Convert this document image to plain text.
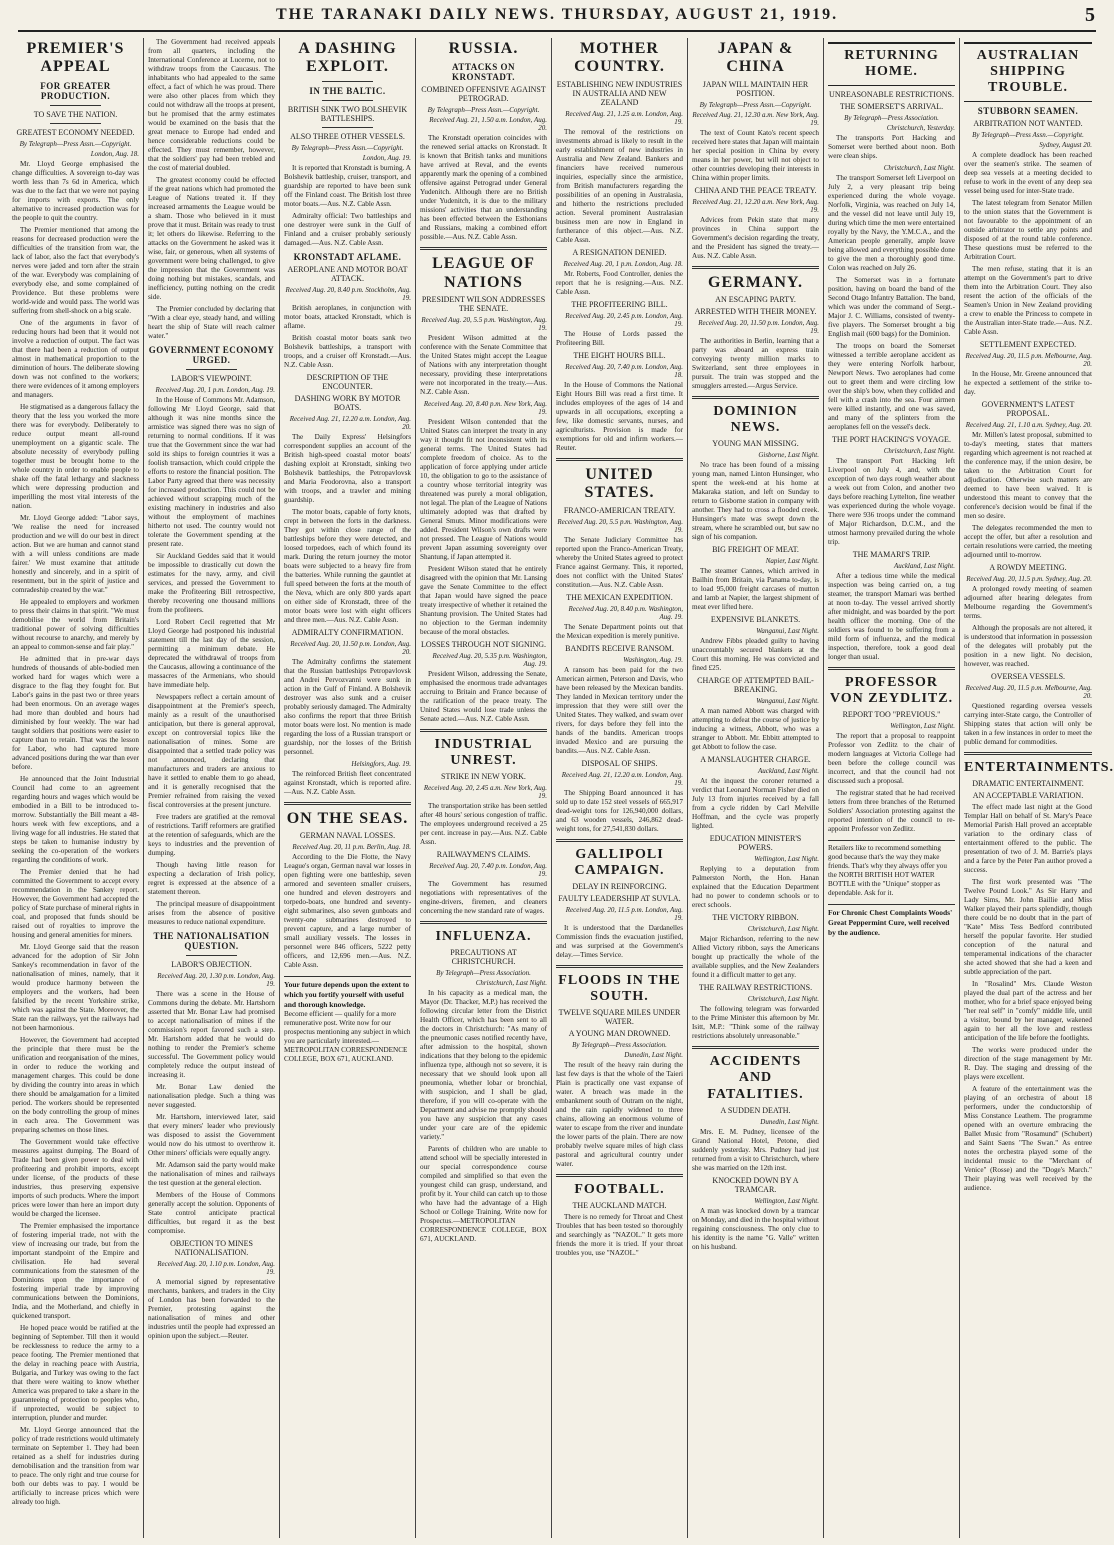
THE TARANAKI DAILY NEWS. THURSDAY, AUGUST 21, 1919.	5
PREMIER'S APPEAL
FOR GREATER PRODUCTION.
TO SAVE THE NATION.
GREATEST ECONOMY NEEDED.
By Telegraph—Press Assn.—Copyright.
London, Aug. 18.

Mr. Lloyd George emphasised the change difficulties. A sovereign to-day was worth less than 7s 6d in America, which was due to the fact that we were not paying for imports with exports. The only alternative to increased production was for the people to quit the country.

The Premier mentioned that among the reasons for decreased production were the difficulties of the transition from war, the lack of labor, also the fact that everybody's nerves were jaded and torn after the strain of the war. Everybody was complaining of everybody else, and some complained of Providence. But these problems were world-wide and would pass. The world was suffering from shell-shock on a big scale.

One of the arguments in favor of reducing hours had been that it would not involve a reduction of output. The fact was that there had been a reduction of output almost in mathematical proportion to the diminution of hours. The deliberate slowing down was not confined to the workers; there were evidences of it among employers and managers.

He stigmatised as a dangerous fallacy the theory that the less you worked the more there was for everybody. Deliberately to reduce output meant all-round unemployment on a gigantic scale. The absolute necessity of everybody pulling together must be brought home to the whole country in order to enable people to shake off the fatal lethargy and slackness which were depressing production and imperilling the most vital interests of the nation.

Mr. Lloyd George added: "Labor says, 'We realise the need for increased production and we will do our best in direct action. But we are human and cannot stand with a will unless conditions are made fairer.' We must examine that attitude honestly and sincerely, and in a spirit of resentment, but in the spirit of justice and comradeship created by the war."

He appealed to employers and workmen to press their claims in that spirit. "We must demobilise the world from Britain's traditional power of solving difficulties without recourse to anarchy, and merely by an appeal to common-sense and fair play."

He admitted that in pre-war days hundreds of thousands of able-bodied men worked hard for wages which were a disgrace to the flag they fought for. But Labor's gains in the past two or three years had been enormous. On an average wages had more than doubled and hours had diminished by four weekly. The war had taught soldiers that positions were easier to capture than to retain. That was the lesson for Labor, who had captured more advanced positions during the war than ever before.

He announced that the Joint Industrial Council had come to an agreement regarding hours and wages which would be embodied in a Bill to be introduced to-morrow. Substantially the Bill meant a 48-hours week with few exceptions, and a living wage for all industries. He stated that steps be taken to humanise industry by seeking the co-operation of the workers regarding the conditions of work.

The Premier denied that he had committed the Government to accept every recommendation in the Sankey report. However, the Government had accepted the policy of State purchase of mineral rights in coal, and proposed that funds should be raised out of royalties to improve the housing and general amenities for miners.

Mr. Lloyd George said that the reason advanced for the adoption of Sir John Sankey's recommendation in favor of the nationalisation of mines, namely, that it would produce harmony between the employers and the workers, had been falsified by the recent Yorkshire strike, which was against the State. Moreover, the State ran the railways, yet the railways had not been harmonious.

However, the Government had accepted the principle that there must be the unification and reorganisation of the mines, in order to reduce the working and management charges. This could be done by dividing the country into areas in which there should be amalgamation for a limited period. The workers should be represented on the body controlling the group of mines in each area. The Government was preparing schemes on those lines.

The Government would take effective measures against dumping. The Board of Trade had been given power to deal with profiteering and prohibit imports, except under license, of the products of these industries, thus preserving expensive imports of such products. Where the import prices were lower than here an import duty would be charged the licensee.

The Premier emphasised the importance of fostering imperial trade, not with the view of increasing our trade, but from the important standpoint of the Empire and civilisation. He had several communications from the statesmen of the Dominions upon the importance of fostering imperial trade by improving communications between the Dominions, India, and the Motherland, and chiefly in quickened transport.

He hoped peace would be ratified at the beginning of September. Till then it would be recklessness to reduce the army to a peace footing. The Premier mentioned that the delay in reaching peace with Austria, Bulgaria, and Turkey was owing to the fact that there were waiting to know whether America was prepared to take a share in the guaranteeing of protection to peoples who, if unprotected, would be subject to interruption, plunder and murder.

Mr. Lloyd George announced that the policy of trade restrictions would ultimately terminate on September 1. They had been retained as a shelf for industries during demobilisation and the transition from war to peace. The only right and true course for both our debts was to pay. I would be artificially to increase prices which were already too high.

The Government had received appeals from all quarters, including the International Conference at Lucerne, not to withdraw troops from the Caucasus. The inhabitants who had appealed to the same effect, a fact of which he was proud. There were also other places from which they could not withdraw all the troops at present, but he promised that the army estimates would be examined on the basis that the great menace to Europe had ended and hence considerable reductions could be effected. They must remember, however, that the soldiers' pay had been trebled and the cost of material doubled.

The greatest economy could be effected if the great nations which had promoted the League of Nations treated it. If they increased armaments the League would be a sham. Those who believed in it must prove that it must. Britain was ready to trust it; let others do likewise. Referring to the attacks on the Government he asked was it wise, fair, or generous, when all systems of government were being challenged, to give the impression that the Government was doing nothing but mistakes, scandals, and inefficiency, putting nothing on the credit side.

The Premier concluded by declaring that "With a clear eye, steady hand, and willing heart the ship of State will reach calmer water."

GOVERNMENT ECONOMY URGED.
LABOR'S VIEWPOINT.
Received Aug. 20, 1 p.m. London, Aug. 19.

In the House of Commons Mr. Adamson, following Mr Lloyd George, said that although it was nine months since the armistice was signed there was no sign of returning to normal conditions. If it was true that the Government since the war had sold its ships to foreign countries it was a foolish transaction, which could cripple the efforts to restore the financial position. The Labor Party agreed that there was necessity for increased production. This could not be achieved without scrapping much of the existing machinery in industries and also without the employment of machines hitherto not used. The country would not tolerate the Government spending at the present rate.

Sir Auckland Geddes said that it would be impossible to drastically cut down the estimates for the navy, army, and civil services, and pressed the Government to make the Profiteering Bill retrospective, thereby recovering one thousand millions from the profiteers.

Lord Robert Cecil regretted that Mr Lloyd George had postponed his industrial statement till the last day of the session, permitting a minimum debate. He deprecated the withdrawal of troops from the Caucasus, allowing a continuance of the massacres of the Armenians, who should have immediate help.

Newspapers reflect a certain amount of disappointment at the Premier's speech, mainly as a result of the unauthorised anticipation, but there is general approval, except on controversial topics like the nationalisation of mines. Some are disappointed that a settled trade policy was not announced, declaring that manufacturers and traders are anxious to have it settled to enable them to go ahead, and it is generally recognised that the Premier refrained from raising the vexed fiscal controversies at the present juncture.

Free traders are gratified at the removal of restrictions. Tariff reformers are gratified at the retention of safeguards, which are the keys to industries and the prevention of dumping.

Though having little reason for expecting a declaration of Irish policy, regret is expressed at the absence of a statement thereon.

The principal measure of disappointment arises from the absence of positive measures to reduce national expenditure.

THE NATIONALISATION QUESTION.
LABOR'S OBJECTION.
Received Aug. 20, 1.30 p.m. London, Aug. 19.

There was a scene in the House of Commons during the debate. Mr. Hartshorn asserted that Mr. Bonar Law had promised to accept nationalisation of mines if the commission's report favored such a step. Mr. Hartshorn added that he would do nothing to render the Premier's scheme successful. The Government policy would completely reduce the output instead of increasing it.

Mr. Bonar Law denied the nationalisation pledge. Such a thing was never suggested.

Mr. Hartshorn, interviewed later, said that every miners' leader who previously was disposed to assist the Government would now do his utmost to overthrow it. Other miners' officials were equally angry.

Mr. Adamson said the party would make the nationalisation of mines and railways the test question at the general election.

Members of the House of Commons generally accept the solution. Opponents of State control anticipate practical difficulties, but regard it as the best compromise.

OBJECTION TO MINES NATIONALISATION.
Received Aug. 20, 1.10 p.m. London, Aug. 19.

A memorial signed by representative merchants, bankers, and traders in the City of London has been forwarded to the Premier, protesting against the nationalisation of mines and other industries until the people had expressed an opinion upon the subject.—Reuter.

A DASHING EXPLOIT.
IN THE BALTIC.
BRITISH SINK TWO BOLSHEVIK BATTLESHIPS.
ALSO THREE OTHER VESSELS.
By Telegraph—Press Assn.—Copyright.
London, Aug. 19.

It is reported that Kronstadt is burning. A Bolshevik battleship, cruiser, transport, and guardship are reported to have been sunk off the Finland coast. The British lost three motor boats.—Aus. N.Z. Cable Assn.

Admiralty official: Two battleships and one destroyer were sunk in the Gulf of Finland and a cruiser probably seriously damaged.—Aus. N.Z. Cable Assn.

KRONSTADT AFLAME.
AEROPLANE AND MOTOR BOAT ATTACK.
Received Aug. 20, 8.40 p.m. Stockholm, Aug. 19.

British aeroplanes, in conjunction with motor boats, attacked Kronstadt, which is aflame.

British coastal motor boats sank two Bolshevik battleships, a transport with troops, and a cruiser off Kronstadt.—Aus. N.Z. Cable Assn.

DESCRIPTION OF THE ENCOUNTER.
DASHING WORK BY MOTOR BOATS.
Received Aug. 21, 12.20 a.m. London, Aug. 20.

The Daily Express' Helsingfors correspondent supplies an account of the British high-speed coastal motor boats' dashing exploit at Kronstadt, sinking two Bolshevik battleships, the Petropavlovsk and Maria Feodorovna, also a transport with troops, and a trawler and mining guardship.

The motor boats, capable of forty knots, crept in between the forts in the darkness. They got within close range of the battleships before they were detected, and loosed torpedoes, each of which found its mark. During the return journey the motor boats were subjected to a heavy fire from the batteries. While running the gauntlet at full speed between the forts at the mouth of the Neva, which are only 800 yards apart on either side of Kronstadt, three of the motor boats were lost with eight officers and three men.—Aus. N.Z. Cable Assn.

ADMIRALTY CONFIRMATION.
Received Aug. 20, 11.50 p.m. London, Aug. 20.

The Admiralty confirms the statement that the Russian battleships Petropavlovsk and Andrei Pervozvanni were sunk in action in the Gulf of Finland. A Bolshevik destroyer was also sunk and a cruiser probably seriously damaged. The Admiralty also confirms the report that three British motor boats were lost. No mention is made regarding the loss of a Russian transport or guardship, nor the losses of the British personnel.

Helsingfors, Aug. 19.

The reinforced British fleet concentrated against Kronstadt, which is reported afire.—Aus. N.Z. Cable Assn.

ON THE SEAS.
GERMAN NAVAL LOSSES.
Received Aug. 20, 11 p.m. Berlin, Aug. 18.

According to the Die Flotte, the Navy League's organ, German naval war losses in open fighting were one battleship, seven armored and seventeen smaller cruisers, one hundred and eleven destroyers and torpedo-boats, one hundred and seventy-eight submarines, also seven gunboats and twenty-one submarines destroyed to prevent capture, and a large number of small auxiliary vessels. The losses in personnel were 846 officers, 5222 petty officers, and 12,696 men.—Aus. N.Z. Cable Assn.

Your future depends upon the extent to which you fortify yourself with useful and thorough knowledge.
Become efficient — qualify for a more remunerative post. Write now for our prospectus mentioning any subject in which you are particularly interested.—METROPOLITAN CORRESPONDENCE COLLEGE, BOX 671, AUCKLAND.
RUSSIA.
ATTACKS ON KRONSTADT.
COMBINED OFFENSIVE AGAINST PETROGRAD.
By Telegraph—Press Assn.—Copyright.
Received Aug. 21, 1.50 a.m. London, Aug. 20.

The Kronstadt operation coincides with the renewed serial attacks on Kronstadt. It is known that British tanks and munitions have arrived at Reval, and the events apparently mark the opening of a combined offensive against Petrograd under General Yudenitch. Although there are no British under Yudenitch, it is due to the military missions' activities that an understanding has been effected between the Esthonians and Russians, making a combined effort possible.—Aus. N.Z. Cable Assn.

LEAGUE OF NATIONS
PRESIDENT WILSON ADDRESSES THE SENATE.
Received Aug. 20, 5.5 p.m. Washington, Aug. 19.

President Wilson admitted at the conference with the Senate Committee that the United States might accept the League of Nations with any interpretation thought necessary, providing these interpretations were not incorporated in the treaty.—Aus. N.Z. Cable Assn.

Received Aug. 20, 8.40 p.m. New York, Aug. 19.

President Wilson contended that the United States can interpret the treaty in any way it thought fit not inconsistent with its general terms. The United States had complete freedom of choice. As to the application of force applying under article 10, the obligation to go to the assistance of a country whose territorial integrity was threatened was purely a moral obligation, not legal. The plan of the League of Nations ultimately adopted was that drafted by General Smuts. Minor modifications were added. President Wilson's own drafts were not pressed. The League of Nations would prevent Japan assuming sovereignty over Shantung, if Japan attempted it.

President Wilson stated that he entirely disagreed with the opinion that Mr. Lansing gave the Senate Committee to the effect that Japan would have signed the peace treaty irrespective of whether it retained the Shantung provision. The United States had no objection to the German indemnity because of the moral obstacles.

LOSSES THROUGH NOT SIGNING.
Received Aug. 20, 5.35 p.m. Washington, Aug. 19.

President Wilson, addressing the Senate, emphasised the enormous trade advantages accruing to Britain and France because of the ratification of the peace treaty. The United States would lose trade unless the Senate acted.—Aus. N.Z. Cable Assn.

INDUSTRIAL UNREST.
STRIKE IN NEW YORK.
Received Aug. 20, 2.45 a.m. New York, Aug. 19.

The transportation strike has been settled after 48 hours' serious congestion of traffic. The employees underground received a 25 per cent. increase in pay.—Aus. N.Z. Cable Assn.

RAILWAYMEN'S CLAIMS.
Received Aug. 20, 7.40 p.m. London, Aug. 19.

The Government has resumed negotiations with representatives of the engine-drivers, firemen, and cleaners concerning the new standard rate of wages.

INFLUENZA.
PRECAUTIONS AT CHRISTCHURCH.
By Telegraph—Press Association.
Christchurch, Last Night.

In his capacity as a medical man, the Mayor (Dr. Thacker, M.P.) has received the following circular letter from the District Health Officer, which has been sent to all the doctors in Christchurch: "As many of the pneumonic cases notified recently have, after admission to the hospital, shown indications that they belong to the epidemic influenza type, although not so severe, it is necessary that we should look upon all pneumonia, whether lobar or bronchial, with suspicion, and I shall be glad, therefore, if you will co-operate with the Department and advise me promptly should you have any suspicion that any cases under your care are of the epidemic variety."

Parents of children who are unable to attend school will be specially interested in our special correspondence course compiled and simplified so that even the youngest child can grasp, understand, and profit by it. Your child can catch up to those who have had the advantage of a High School or College Training. Write now for Prospectus.—METROPOLITAN CORRESPONDENCE COLLEGE, BOX 671, AUCKLAND.

MOTHER COUNTRY.
ESTABLISHING NEW INDUSTRIES IN AUSTRALIA AND NEW ZEALAND
Received Aug. 21, 1.25 a.m. London, Aug. 19.

The removal of the restrictions on investments abroad is likely to result in the early establishment of new industries in Australia and New Zealand. Bankers and financiers have received numerous inquiries, especially since the armistice, from British manufacturers regarding the possibilities of an opening in Australasia, and hitherto the restrictions precluded action. Several prominent Australasian business men are now in England in furtherance of this object.—Aus. N.Z. Cable Assn.

A RESIGNATION DENIED.
Received Aug. 20, 1 p.m. London, Aug. 18.

Mr. Roberts, Food Controller, denies the report that he is resigning.—Aus. N.Z. Cable Assn.

THE PROFITEERING BILL.
Received Aug. 20, 2.45 p.m. London, Aug. 19.

The House of Lords passed the Profiteering Bill.

THE EIGHT HOURS BILL.
Received Aug. 20, 7.40 p.m. London, Aug. 18.

In the House of Commons the National Eight Hours Bill was read a first time. It includes employees of the ages of 14 and upwards in all occupations, excepting a few, like domestic servants, nurses, and agriculturists. Provision is made for exemptions for old and infirm workers.—Reuter.

UNITED STATES.
FRANCO-AMERICAN TREATY.
Received Aug. 20, 5.5 p.m. Washington, Aug. 19.

The Senate Judiciary Committee has reported upon the Franco-American Treaty, whereby the United States agreed to protect France against Germany. This, it reported, does not conflict with the United States' constitution.—Aus. N.Z. Cable Assn.

THE MEXICAN EXPEDITION.
Received Aug. 20, 8.40 p.m. Washington, Aug. 19.

The Senate Department points out that the Mexican expedition is merely punitive.

BANDITS RECEIVE RANSOM.
Washington, Aug. 19.

A ransom has been paid for the two American airmen, Peterson and Davis, who have been released by the Mexican bandits. They landed in Mexican territory under the impression that they were still over the United States. They walked, and swam over rivers, for days before they fell into the hands of the bandits. American troops invaded Mexico and are pursuing the bandits.—Aus. N.Z. Cable Assn.

DISPOSAL OF SHIPS.
Received Aug. 21, 12.20 a.m. London, Aug. 19.

The Shipping Board announced it has sold up to date 152 steel vessels of 665,917 dead-weight tons for 126,940,000 dollars, and 63 wooden vessels, 246,862 dead-weight tons, for 27,541,830 dollars.

GALLIPOLI CAMPAIGN.
DELAY IN REINFORCING.
FAULTY LEADERSHIP AT SUVLA.
Received Aug. 20, 11.5 p.m. London, Aug. 19.

It is understood that the Dardanelles Commission finds the evacuation justified, and was surprised at the Government's delay.—Times Service.

FLOODS IN THE SOUTH.
TWELVE SQUARE MILES UNDER WATER.
A YOUNG MAN DROWNED.
By Telegraph—Press Association.
Dunedin, Last Night.

The result of the heavy rain during the last few days is that the whole of the Taieri Plain is practically one vast expanse of water. A breach was made in the embankment south of Outram on the night, and the rain rapidly widened to three chains, allowing an enormous volume of water to escape from the river and inundate the lower parts of the plain. There are now probably twelve square miles of high class pastoral and agricultural country under water.

FOOTBALL.
THE AUCKLAND MATCH.

There is no remedy for Throat and Chest Troubles that has been tested so thoroughly and searchingly as "NAZOL." It gets more friends the more it is tried. If your throat troubles you, use "NAZOL."

JAPAN & CHINA
JAPAN WILL MAINTAIN HER POSITION.
By Telegraph—Press Assn.—Copyright.
Received Aug. 21, 12.30 a.m. New York, Aug. 19.

The text of Count Kato's recent speech received here states that Japan will maintain her special position in China by every means in her power, but will not object to other countries developing their interests in China within proper limits.

CHINA AND THE PEACE TREATY.
Received Aug. 21, 12.20 a.m. New York, Aug. 19.

Advices from Pekin state that many provinces in China support the Government's decision regarding the treaty, and the President has signed the treaty.—Aus. N.Z. Cable Assn.

GERMANY.
AN ESCAPING PARTY.
ARRESTED WITH THEIR MONEY.
Received Aug. 20, 11.50 p.m. London, Aug. 19.

The authorities in Berlin, learning that a party was aboard an express train conveying twenty million marks to Switzerland, sent three employees in pursuit. The train was stopped and the smugglers arrested.—Argus Service.

DOMINION NEWS.
YOUNG MAN MISSING.
Gisborne, Last Night.

No trace has been found of a missing young man, named Linton Hunsinger, who spent the week-end at his home at Makaraka station, and left on Sunday to return to Gisborne station in company with another. They had to cross a flooded creek. Hunsinger's mate was swept down the stream, where he scrambled out, but saw no sign of his companion.

BIG FREIGHT OF MEAT.
Napier, Last Night.

The steamer Cannes, which arrived in Bailhin from Britain, via Panama to-day, is to load 95,000 freight carcases of mutton and lamb at Napier, the largest shipment of meat ever lifted here.

EXPENSIVE BLANKETS.
Wanganui, Last Night.

Andrew Fibbs pleaded guilty to having unaccountably secured blankets at the Court this morning. He was convicted and fined £25.

CHARGE OF ATTEMPTED BAIL-BREAKING.
Wanganui, Last Night.

A man named Abbott was charged with attempting to defeat the course of justice by inducing a witness, Abbott, who was a stranger to Abbott. Mr. Ebbitt attempted to get Abbott to follow the case.

A MANSLAUGHTER CHARGE.
Auckland, Last Night.

At the inquest the coroner returned a verdict that Leonard Norman Fisher died on July 13 from injuries received by a fall from a cycle ridden by Carl Melville Hoffman, and the cycle was properly lighted.

EDUCATION MINISTER'S POWERS.
Wellington, Last Night.

Replying to a deputation from Palmerston North, the Hon. Hanan explained that the Education Department had no power to condemn schools or to erect schools.

THE VICTORY RIBBON.
Christchurch, Last Night.

Major Richardson, referring to the new Allied Victory ribbon, says the Americans bought up practically the whole of the available supplies, and the New Zealanders found it a difficult matter to get any.

THE RAILWAY RESTRICTIONS.
Christchurch, Last Night.

The following telegram was forwarded to the Prime Minister this afternoon by Mr. Isitt, M.P.: "Think some of the railway restrictions absolutely unreasonable."

ACCIDENTS AND FATALITIES.
A SUDDEN DEATH.
Dunedin, Last Night.

Mrs. E. M. Pudney, licensee of the Grand National Hotel, Petone, died suddenly yesterday. Mrs. Pudney had just returned from a visit to Christchurch, where she was married on the 12th inst.

KNOCKED DOWN BY A TRAMCAR.
Wellington, Last Night.

A man was knocked down by a tramcar on Monday, and died in the hospital without regaining consciousness. The only clue to his identity is the name "G. Valle" written on his husband.

RETURNING HOME.
UNREASONABLE RESTRICTIONS.
THE SOMERSET'S ARRIVAL.
By Telegraph—Press Association.
Christchurch, Yesterday.

The transports Port Hacking and Somerset were berthed about noon. Both were clean ships.

Christchurch, Last Night.

The transport Somerset left Liverpool on July 2, a very pleasant trip being experienced during the whole voyage. Norfolk, Virginia, was reached on July 14, and the vessel did not leave until July 19, during which time the men were entertained royally by the Navy, the Y.M.C.A., and the American people generally, ample leave being allowed and everything possible done to give the men a thoroughly good time. Colon was reached on July 26.

The Somerset was in a fortunate position, having on board the band of the Second Otago Infantry Battalion. The band, which was under the command of Sergt.-Major J. C. Williams, consisted of twenty-five players. The Somerset brought a big English mail (600 bags) for the Dominion.

The troops on board the Somerset witnessed a terrible aeroplane accident as they were entering Norfolk harbour, Newport News. Two aeroplanes had come out to greet them and were circling low over the ship's bow, when they collided and fell with a crash into the sea. Four airmen were killed instantly, and one was saved, and many of the splinters from the aeroplanes fell on the vessel's deck.

THE PORT HACKING'S VOYAGE.
Christchurch, Last Night.

The transport Port Hacking left Liverpool on July 4, and, with the exception of two days rough weather about a week out from Colon, and another two days before reaching Lyttelton, fine weather was experienced during the whole voyage. There were 936 troops under the command of Major Richardson, D.C.M., and the utmost harmony prevailed during the whole trip.

THE MAMARI'S TRIP.
Auckland, Last Night.

After a tedious time while the medical inspection was being carried on, a tug steamer, the transport Mamari was berthed at noon to-day. The vessel arrived shortly after midnight, and was boarded by the port health officer the morning. One of the soldiers was found to be suffering from a mild form of influenza, and the medical inspection, therefore, took a good deal longer than usual.

PROFESSOR VON ZEYDLITZ.
REPORT TOO "PREVIOUS."
Wellington, Last Night.

The report that a proposal to reappoint Professor von Zedlitz to the chair of modern languages at Victoria College had been before the college council was incorrect, and that the council had not discussed such a proposal.

The registrar stated that he had received letters from three branches of the Returned Soldiers' Association protesting against the reported intention of the council to re-appoint Professor von Zedlitz.

Retailers like to recommend something good because that's the way they make friends. That's why they always offer you the NORTH BRITISH HOT WATER BOTTLE with the "Unique" stopper as dependable. Ask for it.
For Chronic Chest Complaints Woods' Great Peppermint Cure, well received by the audience.
AUSTRALIAN SHIPPING TROUBLE.
STUBBORN SEAMEN.
ARBITRATION NOT WANTED.
By Telegraph—Press Assn.—Copyright.
Sydney, August 20.

A complete deadlock has been reached over the seamen's strike. The seamen of deep sea vessels at a meeting decided to refuse to work in the event of any deep sea vessel being used for inter-State trade.

The latest telegram from Senator Millen to the union states that the Government is not favourable to the appointment of an outside arbitrator to settle any points and disposed of at the round table conference. These questions must be referred to the Arbitration Court.

The men refuse, stating that it is an attempt on the Government's part to drive them into the Arbitration Court. They also resent the action of the officials of the Seamen's Union in New Zealand providing a crew to enable the Princess to compete in the Australian inter-State trade.—Aus. N.Z. Cable Assn.

SETTLEMENT EXPECTED.
Received Aug. 20, 11.5 p.m. Melbourne, Aug. 20.

In the House, Mr. Greene announced that he expected a settlement of the strike to-day.

GOVERNMENT'S LATEST PROPOSAL.
Received Aug. 21, 1.10 a.m. Sydney, Aug. 20.

Mr. Millen's latest proposal, submitted to to-day's meeting, states that matters regarding which agreement is not reached at the conference may, if the union desire, be taken to the Arbitration Court for adjudication. Otherwise such matters are deemed to have been waived. It is understood this meant to convey that the conference's decision would be final if the men so desire.

The delegates recommended the men to accept the offer, but after a resolution and certain resolutions were carried, the meeting adjourned until to-morrow.

A ROWDY MEETING.
Received Aug. 20, 11.5 p.m. Sydney, Aug. 20.

A prolonged rowdy meeting of seamen adjourned after hearing delegates from Melbourne regarding the Government's terms.

Although the proposals are not altered, it is understood that information in possession of the delegates will probably put the position in a new light. No decision, however, was reached.

OVERSEA VESSELS.
Received Aug. 20, 11.5 p.m. Melbourne, Aug. 20.

Questioned regarding oversea vessels carrying inter-State cargo, the Controller of Shipping states that action will only be taken in a few instances in order to meet the public demand for commodities.

ENTERTAINMENTS.
DRAMATIC ENTERTAINMENT.
AN ACCEPTABLE VARIATION.

The effect made last night at the Good Templar Hall on behalf of St. Mary's Peace Memorial Parish Hall proved an acceptable variation to the ordinary class of entertainment offered to the public. The presentation of two of J. M. Barrie's plays and a farce by the Peter Pan author proved a success.

The first work presented was "The Twelve Pound Look." As Sir Harry and Lady Sims, Mr. John Baillie and Miss Walker played their parts splendidly, though there could be no doubt that in the part of "Kate" Miss Tess Bedford contributed herself the popular favorite. Her studied conception of the natural and temperamental indications of the character she acted showed that she had a keen and subtle appreciation of the part.

In "Rosalind" Mrs. Claude Weston played the dual part of the actress and her mother, who for a brief space enjoyed being "her real self" in "comfy" middle life, until a visitor, bound by her manager, wakened again to her all the love and restless anticipation of the life before the footlights.

The works were produced under the direction of the stage management by Mr. R. Day. The staging and dressing of the plays were excellent.

A feature of the entertainment was the playing of an orchestra of about 18 performers, under the conductorship of Miss Constance Leathem. The programme opened with an overture embracing the Ballet Music from "Rosamund" (Schubert) and Saint Saens "The Swan." As entree notes the orchestra played some of the incidental music to the "Merchant of Venice" (Rosse) and the "Doge's March." Their playing was well received by the audience.
